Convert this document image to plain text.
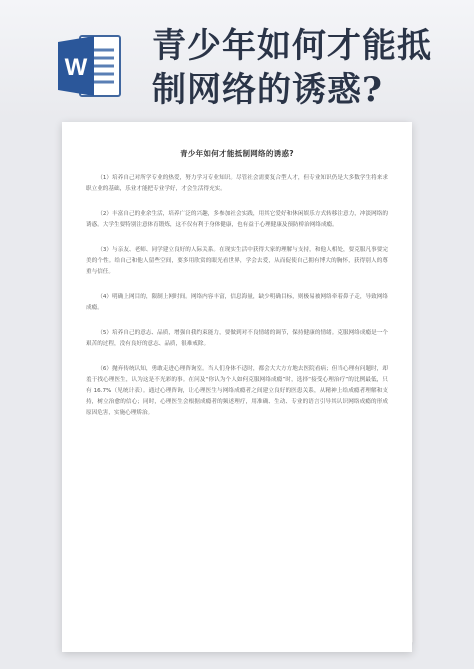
W
青少年如何才能抵制网络的诱惑?
青少年如何才能抵制网络的诱惑?

（1）培养自己对所学专业的热爱，努力学习专业知识。尽管社会需要复合型人才，但专业知识仍是大多数学生将来求职立业的基础，乐业才能把专业学好，才会生活得充实。

（2）丰富自己的业余生活，培养广泛的兴趣，多参加社会实践，用其它爱好和休闲娱乐方式转移注意力，冲淡网络的诱惑。大学生要特别注意体育锻炼，这不仅有利于身体健康，也有益于心理健康及预防桥治网络成瘾。

（3）与亲友、老师、同学建立良好的人际关系。在现实生活中获得大家的理解与支持，和他人相处，要克服凡事要完美的个性。给自己和他人留些空间，要多用欣赏的眼光看世界，学会去爱，从而促使自己拥有博大的胸怀，获得别人的尊重与信任。

（4）明确上网目的，限制上网时间。网络内容丰富，信息海量，缺少明确目标，则极易被网络牵着鼻子走，导致网络成瘾。

（5）培养自己的意志、品质，增强自我约束能力，要做到对不良情绪的调节，保持健康的情绪。克服网络成瘾是一个艰苦的过程，没有良好的意志、品质，很难戒除。

（6）抛弃传统认知，勇敢走进心理咨询室。当人们身体不适时，都会大大方方地去医院看病；但当心理有问题时，却羞于找心理医生，认为这是不光彩的事。在问及“你认为个人如何克服网络成瘾”时，选择“接受心理治疗”的比例最低，只有 16.7%（见统计表）。通过心理咨询，让心理医生与网络成瘾者之间建立良好的医患关系，从精神上给成瘾者理解和支持，树立治愈的信心；同时，心理医生会根据成瘾者的频述理疗，用准确、生动、专业的语言引导其认识网络成瘾的形成原因危害，实施心理矫治。
